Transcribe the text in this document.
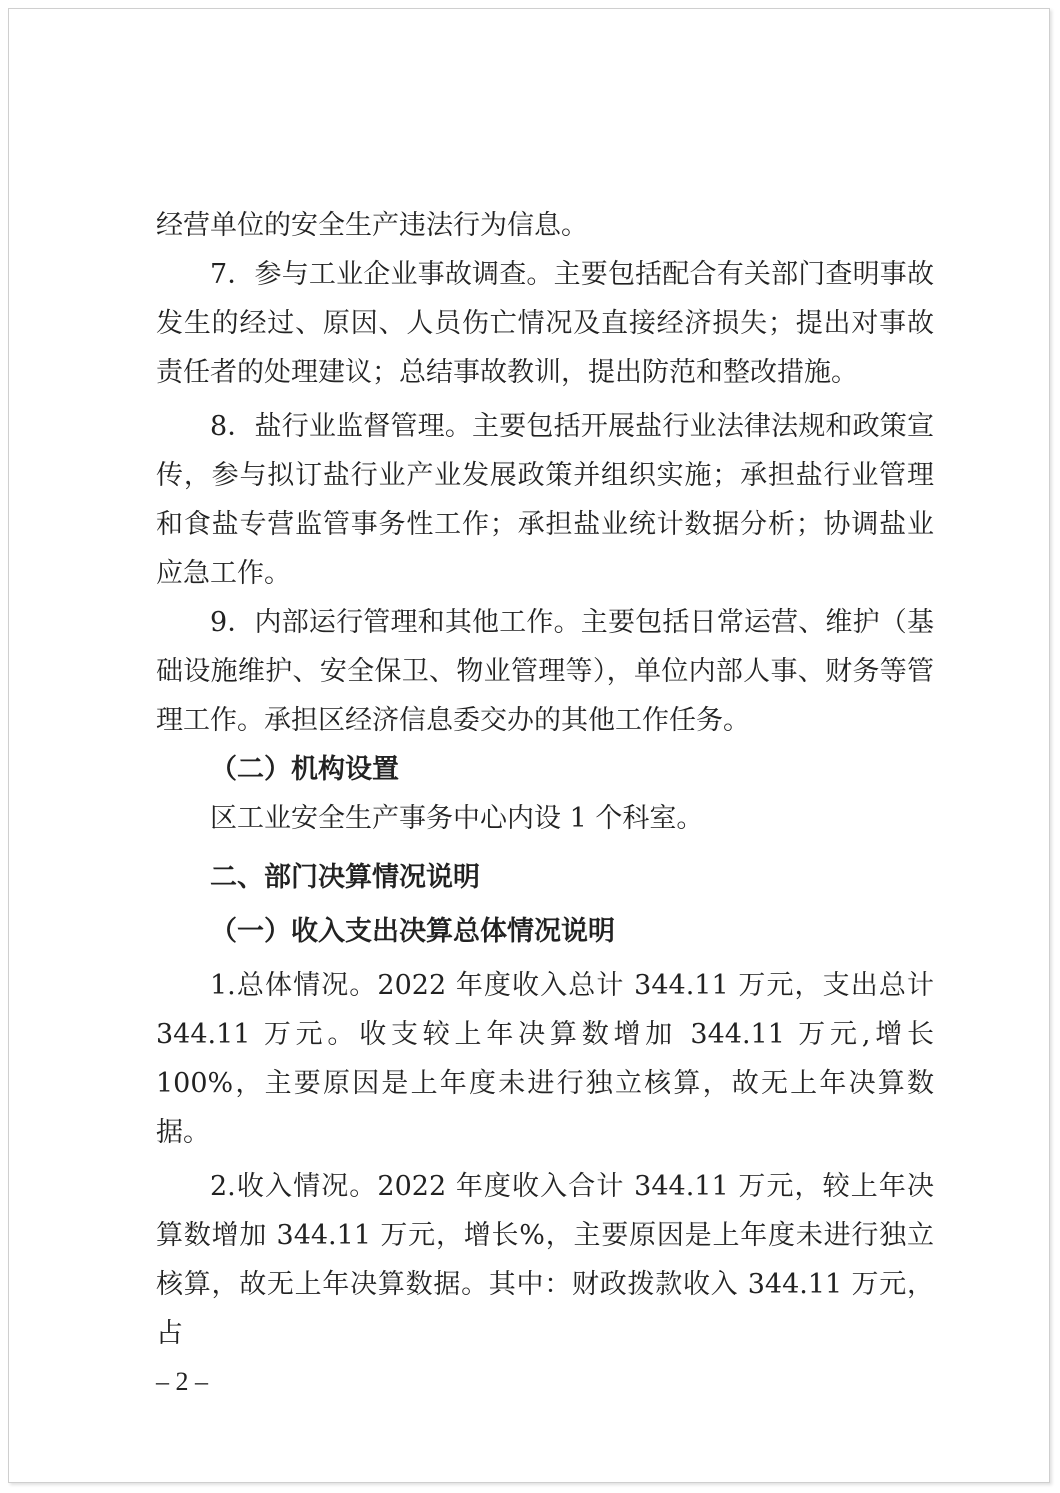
经营单位的安全生产违法行为信息。

7．参与工业企业事故调查。主要包括配合有关部门查明事故发生的经过、原因、人员伤亡情况及直接经济损失；提出对事故责任者的处理建议；总结事故教训，提出防范和整改措施。

8．盐行业监督管理。主要包括开展盐行业法律法规和政策宣传，参与拟订盐行业产业发展政策并组织实施；承担盐行业管理和食盐专营监管事务性工作；承担盐业统计数据分析；协调盐业应急工作。

9．内部运行管理和其他工作。主要包括日常运营、维护（基础设施维护、安全保卫、物业管理等），单位内部人事、财务等管理工作。承担区经济信息委交办的其他工作任务。

（二）机构设置

区工业安全生产事务中心内设 1 个科室。

二、部门决算情况说明

（一）收入支出决算总体情况说明

1.总体情况。2022 年度收入总计 344.11 万元，支出总计 344.11 万元。收支较上年决算数增加 344.11 万元,增长 100%，主要原因是上年度未进行独立核算，故无上年决算数据。

2.收入情况。2022 年度收入合计 344.11 万元，较上年决算数增加 344.11 万元，增长%，主要原因是上年度未进行独立核算，故无上年决算数据。其中：财政拨款收入 344.11 万元，占

– 2 –
